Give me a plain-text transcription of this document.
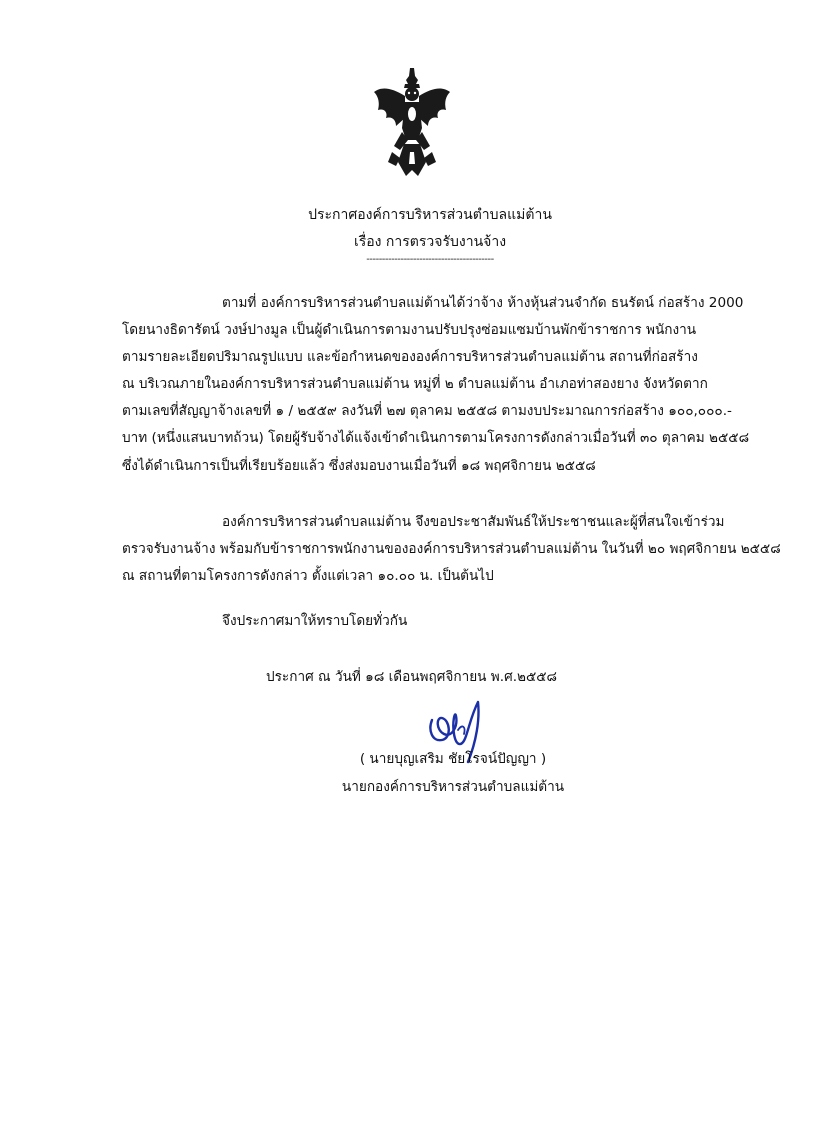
ประกาศองค์การบริหารส่วนตำบลแม่ต้าน
เรื่อง การตรวจรับงานจ้าง
-----------------------------------------
ตามที่ องค์การบริหารส่วนตำบลแม่ต้านได้ว่าจ้าง ห้างหุ้นส่วนจำกัด ธนรัตน์ ก่อสร้าง 2000
โดยนางธิดารัตน์ วงษ์ปางมูล เป็นผู้ดำเนินการตามงานปรับปรุงซ่อมแซมบ้านพักข้าราชการ พนักงาน
ตามรายละเอียดปริมาณรูปแบบ และข้อกำหนดขององค์การบริหารส่วนตำบลแม่ต้าน สถานที่ก่อสร้าง
ณ บริเวณภายในองค์การบริหารส่วนตำบลแม่ต้าน หมู่ที่ ๒ ตำบลแม่ต้าน อำเภอท่าสองยาง จังหวัดตาก
ตามเลขที่สัญญาจ้างเลขที่ ๑ / ๒๕๕๙ ลงวันที่ ๒๗ ตุลาคม ๒๕๕๘ ตามงบประมาณการก่อสร้าง ๑๐๐,๐๐๐.-
บาท (หนึ่งแสนบาทถ้วน) โดยผู้รับจ้างได้แจ้งเข้าดำเนินการตามโครงการดังกล่าวเมื่อวันที่ ๓๐ ตุลาคม ๒๕๕๘
ซึ่งได้ดำเนินการเป็นที่เรียบร้อยแล้ว ซึ่งส่งมอบงานเมื่อวันที่ ๑๘ พฤศจิกายน ๒๕๕๘
องค์การบริหารส่วนตำบลแม่ต้าน จึงขอประชาสัมพันธ์ให้ประชาชนและผู้ที่สนใจเข้าร่วม
ตรวจรับงานจ้าง พร้อมกับข้าราชการพนักงานขององค์การบริหารส่วนตำบลแม่ต้าน ในวันที่ ๒๐ พฤศจิกายน ๒๕๕๘
ณ สถานที่ตามโครงการดังกล่าว ตั้งแต่เวลา ๑๐.๐๐ น. เป็นต้นไป
จึงประกาศมาให้ทราบโดยทั่วกัน
ประกาศ ณ วันที่ ๑๘ เดือนพฤศจิกายน พ.ศ.๒๕๕๘
( นายบุญเสริม ชัยโรจน์ปัญญา )
นายกองค์การบริหารส่วนตำบลแม่ต้าน
